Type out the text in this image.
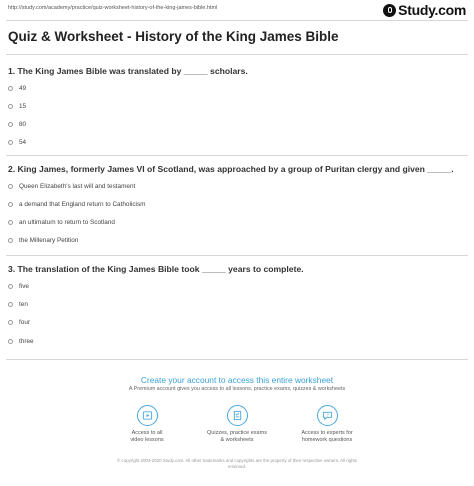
http://study.com/academy/practice/quiz-worksheet-history-of-the-king-james-bible.html	Study.com
Quiz & Worksheet - History of the King James Bible
1. The King James Bible was translated by _____ scholars.
49
15
80
54
2. King James, formerly James VI of Scotland, was approached by a group of Puritan clergy and given _____.
Queen Elizabeth's last will and testament
a demand that England return to Catholicism
an ultimatum to return to Scotland
the Millenary Petition
3. The translation of the King James Bible took _____ years to complete.
five
ten
four
three
Create your account to access this entire worksheet
A Premium account gives you access to all lessons, practice exams, quizzes & worksheets
Access to all
video lessons
Quizzes, practice exams
& worksheets
?
Access to experts for
homework questions
© copyright 2003-2020 Study.com. All other trademarks and copyrights are the property of their respective owners. All rights
reserved.
